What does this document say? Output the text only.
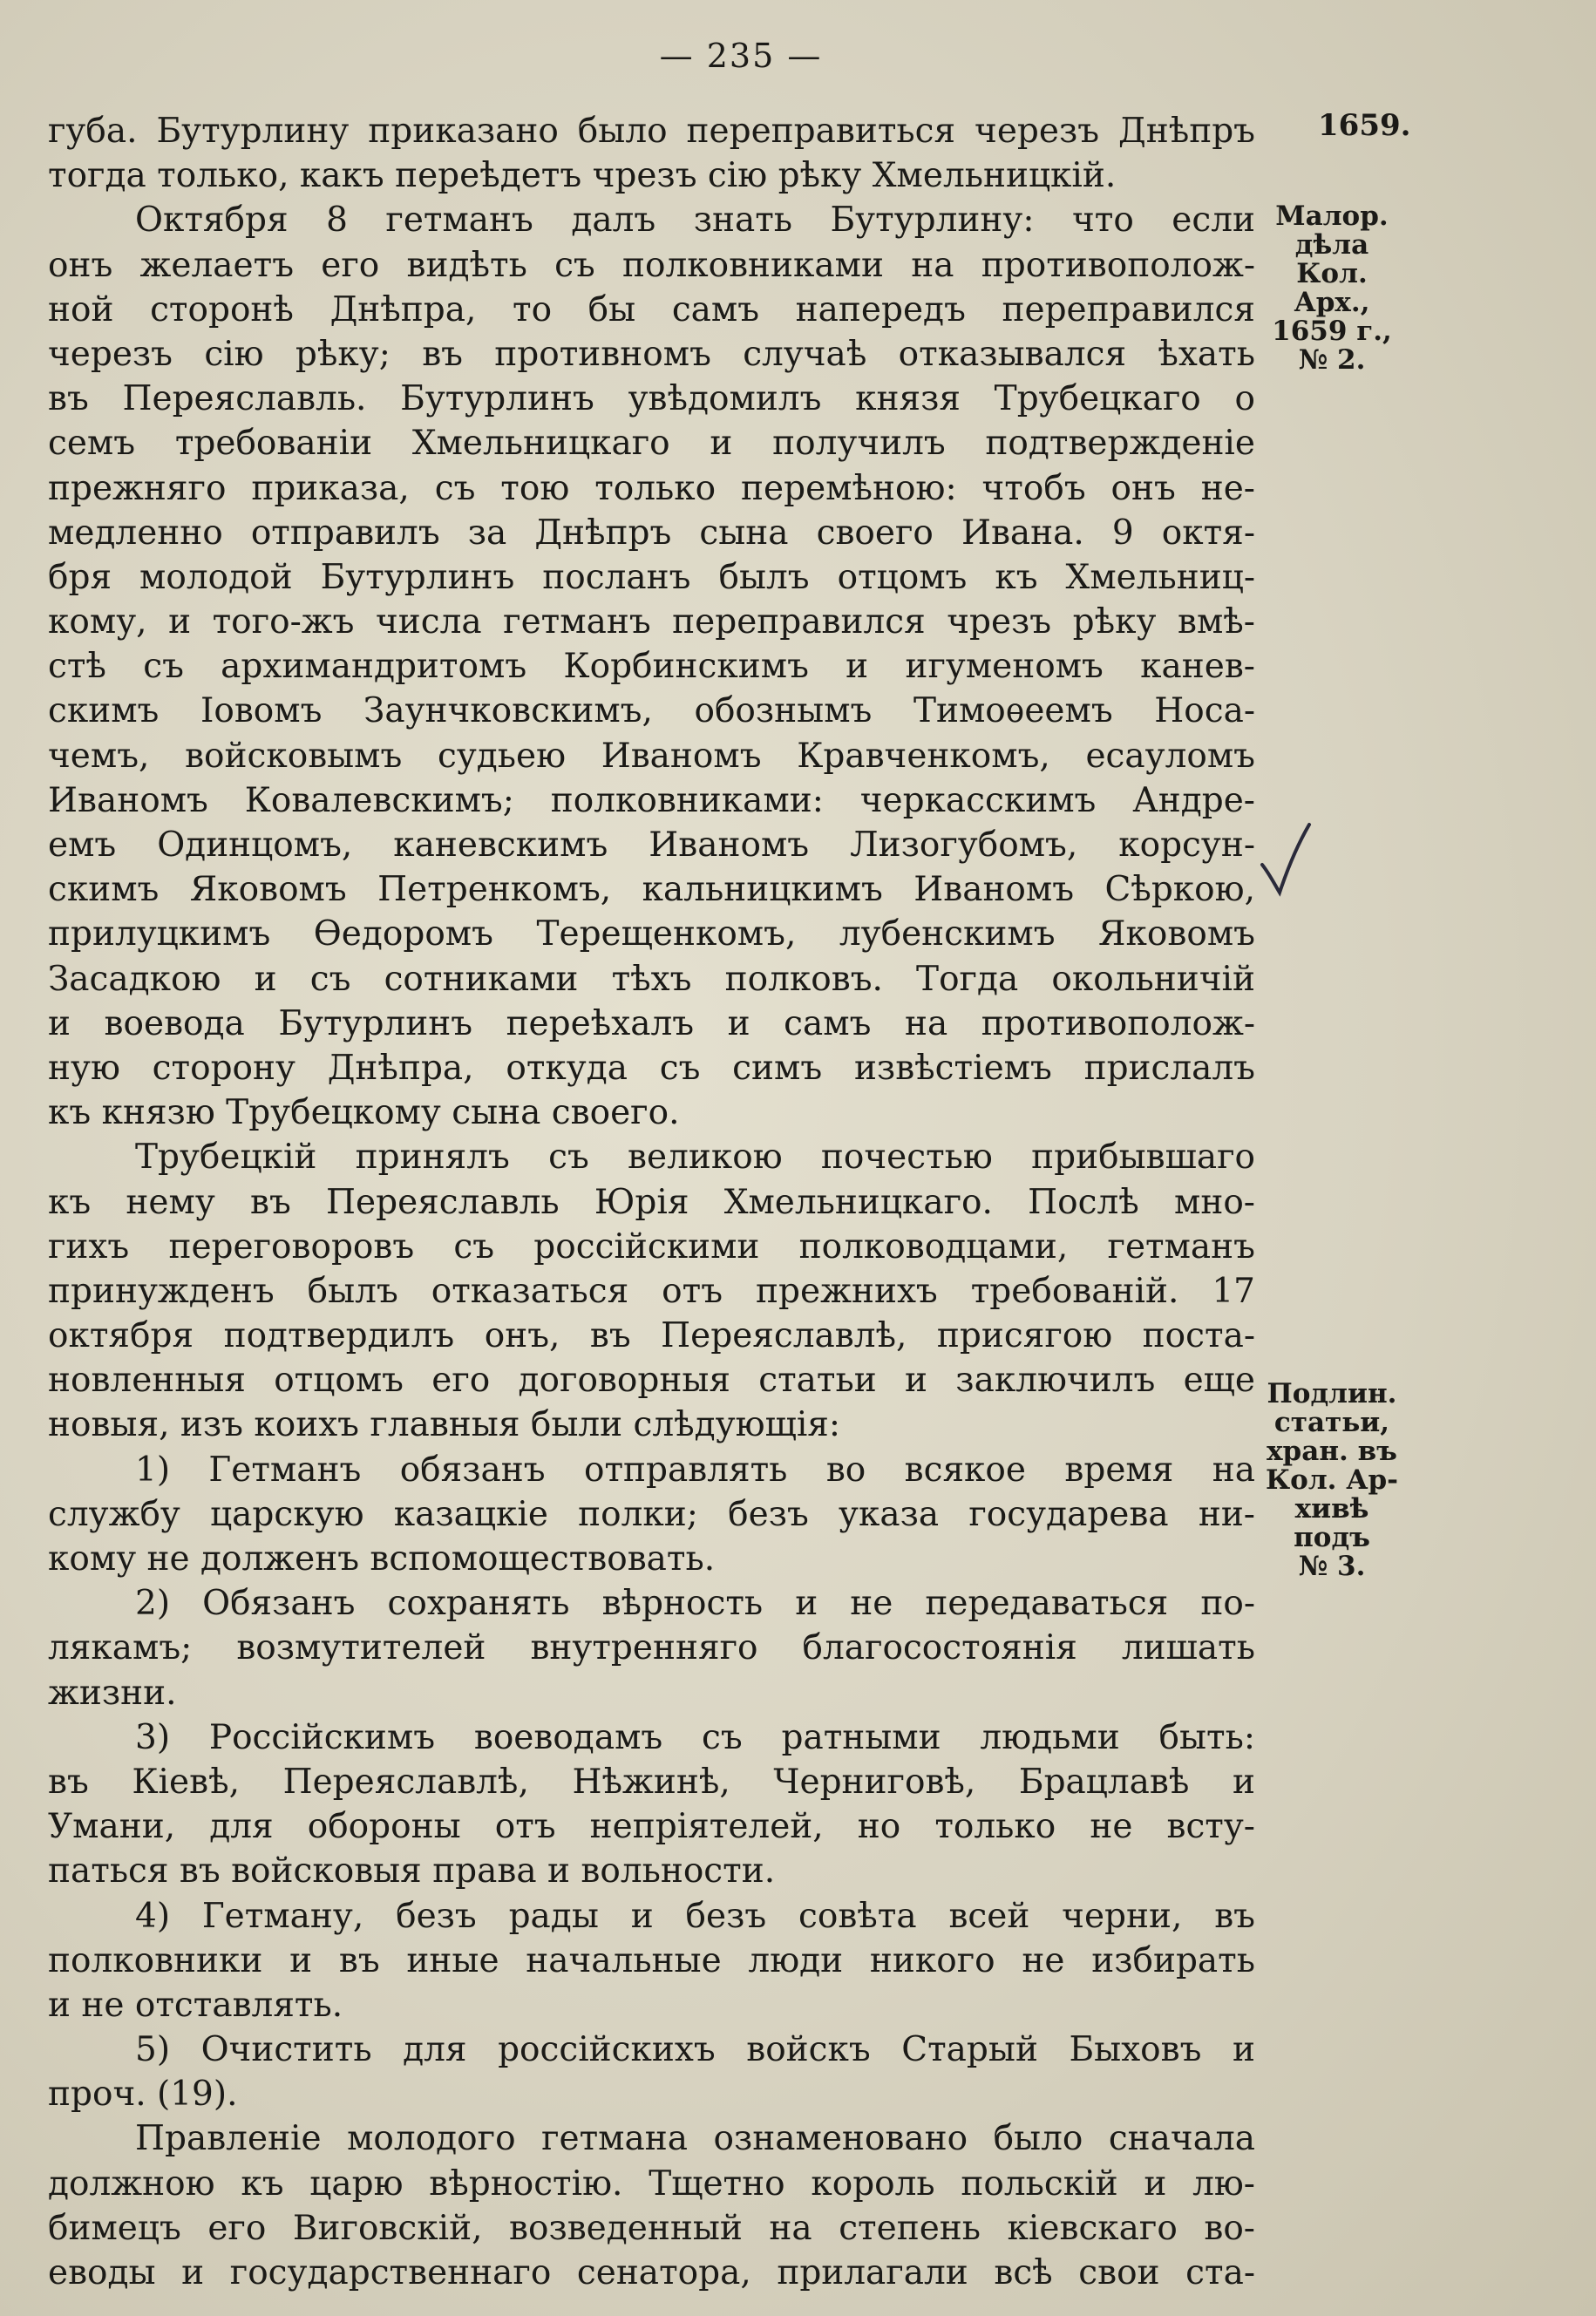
— 235 —
1659.
Малор.
дѣла
Кол. Арх.,
1659 г.,
№ 2.
Подлин.
статьи,
хран. въ
Кол. Ар-
хивѣ
подъ
№ 3.
губа. Бутурлину приказано было переправиться черезъ Днѣпръ
тогда только, какъ переѣдетъ чрезъ сію рѣку Хмельницкій.
Октября 8 гетманъ далъ знать Бутурлину: что если
онъ желаетъ его видѣть съ полковниками на противополож-
ной сторонѣ Днѣпра, то бы самъ напередъ переправился
черезъ сію рѣку; въ противномъ случаѣ отказывался ѣхать
въ Переяславль. Бутурлинъ увѣдомилъ князя Трубецкаго о
семъ требованіи Хмельницкаго и получилъ подтвержденіе
прежняго приказа, съ тою только перемѣною: чтобъ онъ не-
медленно отправилъ за Днѣпръ сына своего Ивана. 9 октя-
бря молодой Бутурлинъ посланъ былъ отцомъ къ Хмельниц-
кому, и того-жъ числа гетманъ переправился чрезъ рѣку вмѣ-
стѣ съ архимандритомъ Корбинскимъ и игуменомъ канев-
скимъ Іовомъ Заунчковскимъ, обознымъ Тимоѳеемъ Носа-
чемъ, войсковымъ судьею Иваномъ Кравченкомъ, есауломъ
Иваномъ Ковалевскимъ; полковниками: черкасскимъ Андре-
емъ Одинцомъ, каневскимъ Иваномъ Лизогубомъ, корсун-
скимъ Яковомъ Петренкомъ, кальницкимъ Иваномъ Сѣркою,
прилуцкимъ Ѳедоромъ Терещенкомъ, лубенскимъ Яковомъ
Засадкою и съ сотниками тѣхъ полковъ. Тогда окольничій
и воевода Бутурлинъ переѣхалъ и самъ на противополож-
ную сторону Днѣпра, откуда съ симъ извѣстіемъ прислалъ
къ князю Трубецкому сына своего.
Трубецкій принялъ съ великою почестью прибывшаго
къ нему въ Переяславль Юрія Хмельницкаго. Послѣ мно-
гихъ переговоровъ съ россійскими полководцами, гетманъ
принужденъ былъ отказаться отъ прежнихъ требованій. 17
октября подтвердилъ онъ, въ Переяславлѣ, присягою поста-
новленныя отцомъ его договорныя статьи и заключилъ еще
новыя, изъ коихъ главныя были слѣдующія:
1) Гетманъ обязанъ отправлять во всякое время на
службу царскую казацкіе полки; безъ указа государева ни-
кому не долженъ вспомоществовать.
2) Обязанъ сохранять вѣрность и не передаваться по-
лякамъ; возмутителей внутренняго благосостоянія лишать
жизни.
3) Россійскимъ воеводамъ съ ратными людьми быть:
въ Кіевѣ, Переяславлѣ, Нѣжинѣ, Черниговѣ, Брацлавѣ и
Умани, для обороны отъ непріятелей, но только не всту-
паться въ войсковыя права и вольности.
4) Гетману, безъ рады и безъ совѣта всей черни, въ
полковники и въ иные начальные люди никого не избирать
и не отставлять.
5) Очистить для россійскихъ войскъ Старый Быховъ и
проч. (19).
Правленіе молодого гетмана ознаменовано было сначала
должною къ царю вѣрностію. Тщетно король польскій и лю-
бимецъ его Виговскій, возведенный на степень кіевскаго во-
еводы и государственнаго сенатора, прилагали всѣ свои ста-
